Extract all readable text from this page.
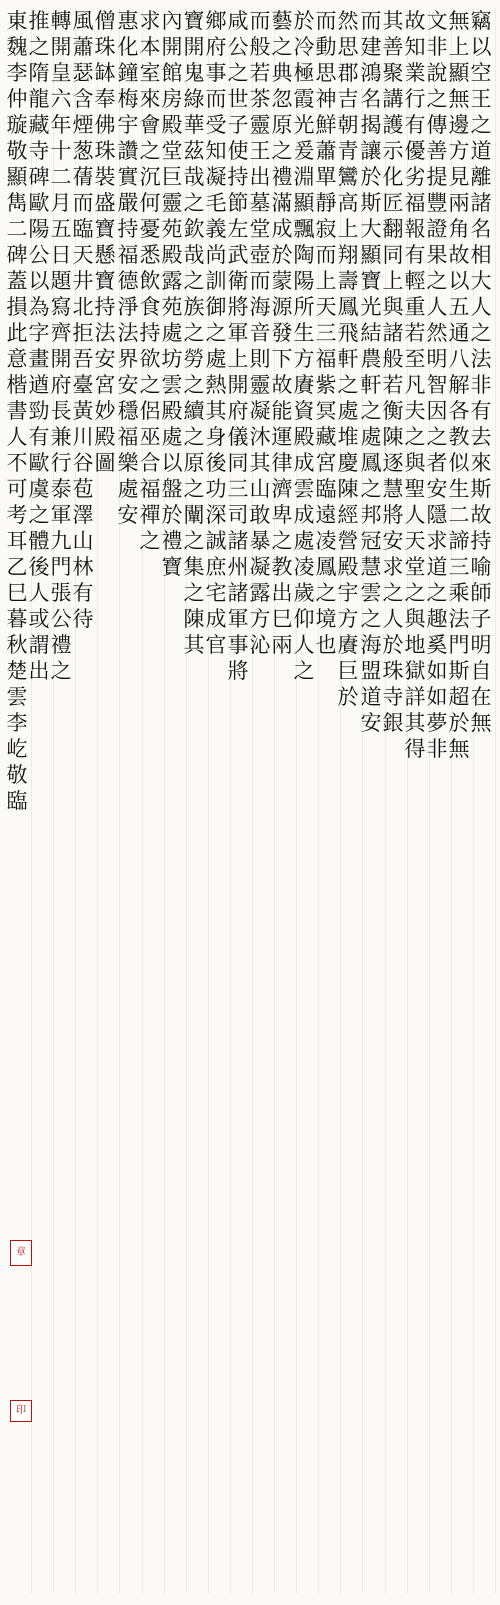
竊
以
空
王
之
道
離
諸
名
相
大
人
之
法
非
有
去
來
斯
故
持
喻
師
子
明
自
在
無
無
上
顯
無
邊
方
見
兩
角
故
以
五
通
八
解
各
教
似
生
二
諦
三
乘
法
門
斯
超
於
無
文
非
說
之
傳
善
提
豐
證
果
之
人
然
明
智
因
之
者
安
隱
求
道
之
趣
奚
如
如
夢
非
故
知
業
行
有
優
劣
福
報
有
輕
重
若
至
凡
夫
之
與
聖
人
天
堂
之
與
地
獄
詳
其
得
其
善
聚
講
護
示
化
匠
翻
同
上
與
諸
般
若
衡
陳
逐
慧
將
安
求
之
人
於
珠
寺
銀
而
建
鴻
名
揭
讓
於
斯
大
顯
寶
光
結
農
軒
之
處
鳳
之
邦
冠
慧
雲
之
海
盟
道
安
然
思
郡
吉
朝
青
鸞
高
上
翔
壽
鳳
飛
軒
之
處
堆
慶
陳
經
營
殿
宇
方
賡
巨
於
而
動
思
神
鮮
蕭
單
靜
寂
而
上
天
三
福
紫
冥
藏
宮
臨
遠
凌
鳳
之
境
也
於
冷
極
霞
光
爰
淵
顯
飄
陶
陽
所
生
方
賡
資
殿
成
雲
成
處
凌
歲
仰
人
之
藝
之
典
忽
原
之
禮
滿
成
於
蒙
源
發
下
故
能
運
律
濟
卑
之
教
出
巳
兩
而
般
若
茶
靈
王
出
墓
堂
壺
而
海
音
則
靈
凝
沐
其
山
敢
暴
凝
露
方
沁
咸
公
之
世
子
使
持
節
左
武
衛
將
軍
上
開
府
儀
同
三
司
諸
州
諸
軍
事
將
鄉
府
事
而
受
知
凝
毛
義
尚
訓
御
之
處
熱
其
身
後
功
深
誠
庶
宅
成
官
寶
開
鬼
綠
華
茲
哉
之
欽
哉
之
族
之
勞
之
續
之
原
之
闡
之
集
之
陳
其
內
開
館
房
殿
堂
巨
靈
苑
殿
露
苑
處
坊
雲
殿
處
以
盤
於
禮
寶
求
本
室
來
會
之
沉
何
憂
悉
飲
食
持
欲
之
侶
巫
合
福
禪
之
惠
化
鐘
梅
宇
讚
實
嚴
持
福
德
淨
法
界
安
穩
福
樂
處
安
僧
珠
缽
奉
佛
珠
裝
盛
寶
懸
寶
持
法
安
宮
妙
殿
圖
風
蕭
瑟
含
煙
葱
蒨
而
臨
天
井
北
拒
吾
臺
黃
川
谷
苞
澤
山
林
有
待
轉
開
皇
六
年
十
二
月
五
日
題
寫
齊
開
府
長
兼
行
泰
軍
九
門
張
公
禮
之
推
之
隋
龍
藏
寺
碑
歐
陽
公
以
為
字
畫
遒
勁
有
歐
虞
之
體
後
人
或
謂
出
東
魏
李
仲
璇
敬
顯
雋
二
碑
蓋
損
此
意
楷
書
人
不
可
考
耳
乙
巳
暮
秋
楚
雲
李
屹
敬
臨
章
印
